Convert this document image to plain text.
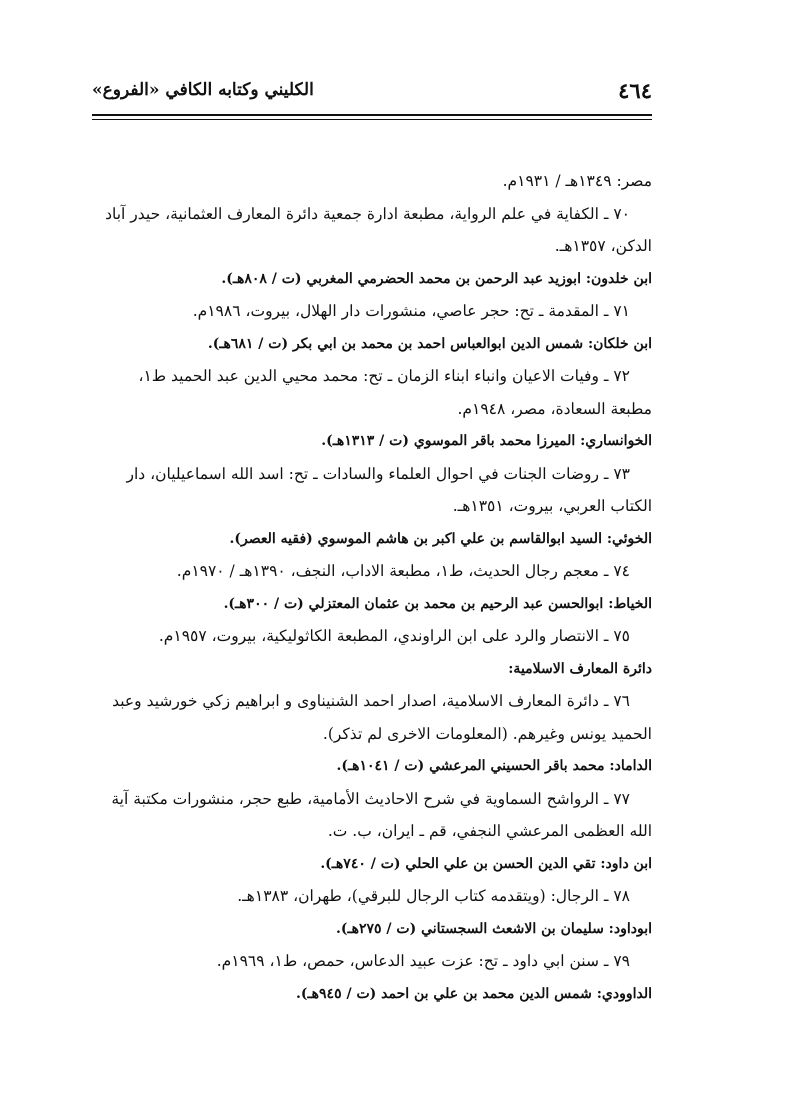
٤٦٤
الكليني وكتابه الكافي «الفروع»

مصر: ١٣٤٩هـ / ١٩٣١م.

٧٠ ـ الكفاية في علم الرواية، مطبعة ادارة جمعية دائرة المعارف العثمانية، حيدر آباد

الدكن، ١٣٥٧هـ.

ابن خلدون: ابوزيد عبد الرحمن بن محمد الحضرمي المغربي (ت / ٨٠٨هـ).

٧١ ـ المقدمة ـ تح: حجر عاصي، منشورات دار الهلال، بيروت، ١٩٨٦م.

ابن خلكان: شمس الدين ابوالعباس احمد بن محمد بن ابي بكر (ت / ٦٨١هـ).

٧٢ ـ وفيات الاعيان وانباء ابناء الزمان ـ تح: محمد محيي الدين عبد الحميد ط١،

مطبعة السعادة، مصر، ١٩٤٨م.

الخوانساري: الميرزا محمد باقر الموسوي (ت / ١٣١٣هـ).

٧٣ ـ روضات الجنات في احوال العلماء والسادات ـ تح: اسد الله اسماعيليان، دار

الكتاب العربي، بيروت، ١٣٥١هـ.

الخوئي: السيد ابوالقاسم بن علي اكبر بن هاشم الموسوي (فقيه العصر).

٧٤ ـ معجم رجال الحديث، ط١، مطبعة الاداب، النجف، ١٣٩٠هـ / ١٩٧٠م.

الخياط: ابوالحسن عبد الرحيم بن محمد بن عثمان المعتزلي (ت / ٣٠٠هـ).

٧٥ ـ الانتصار والرد على ابن الراوندي، المطبعة الكاثوليكية، بيروت، ١٩٥٧م.

دائرة المعارف الاسلامية:

٧٦ ـ دائرة المعارف الاسلامية، اصدار احمد الشنيناوى و ابراهيم زكي خورشيد وعبد

الحميد يونس وغيرهم. (المعلومات الاخرى لم تذكر).

الداماد: محمد باقر الحسيني المرعشي (ت / ١٠٤١هـ).

٧٧ ـ الرواشح السماوية في شرح الاحاديث الأمامية، طبع حجر، منشورات مكتبة آية

الله العظمى المرعشي النجفي، قم ـ ايران، ب. ت.

ابن داود: تقي الدين الحسن بن علي الحلي (ت / ٧٤٠هـ).

٧٨ ـ الرجال: (ويتقدمه كتاب الرجال للبرقي)، طهران، ١٣٨٣هـ.

ابوداود: سليمان بن الاشعث السجستاني (ت / ٢٧٥هـ).

٧٩ ـ سنن ابي داود ـ تح: عزت عبيد الدعاس، حمص، ط١، ١٩٦٩م.

الداوودي: شمس الدين محمد بن علي بن احمد (ت / ٩٤٥هـ).
